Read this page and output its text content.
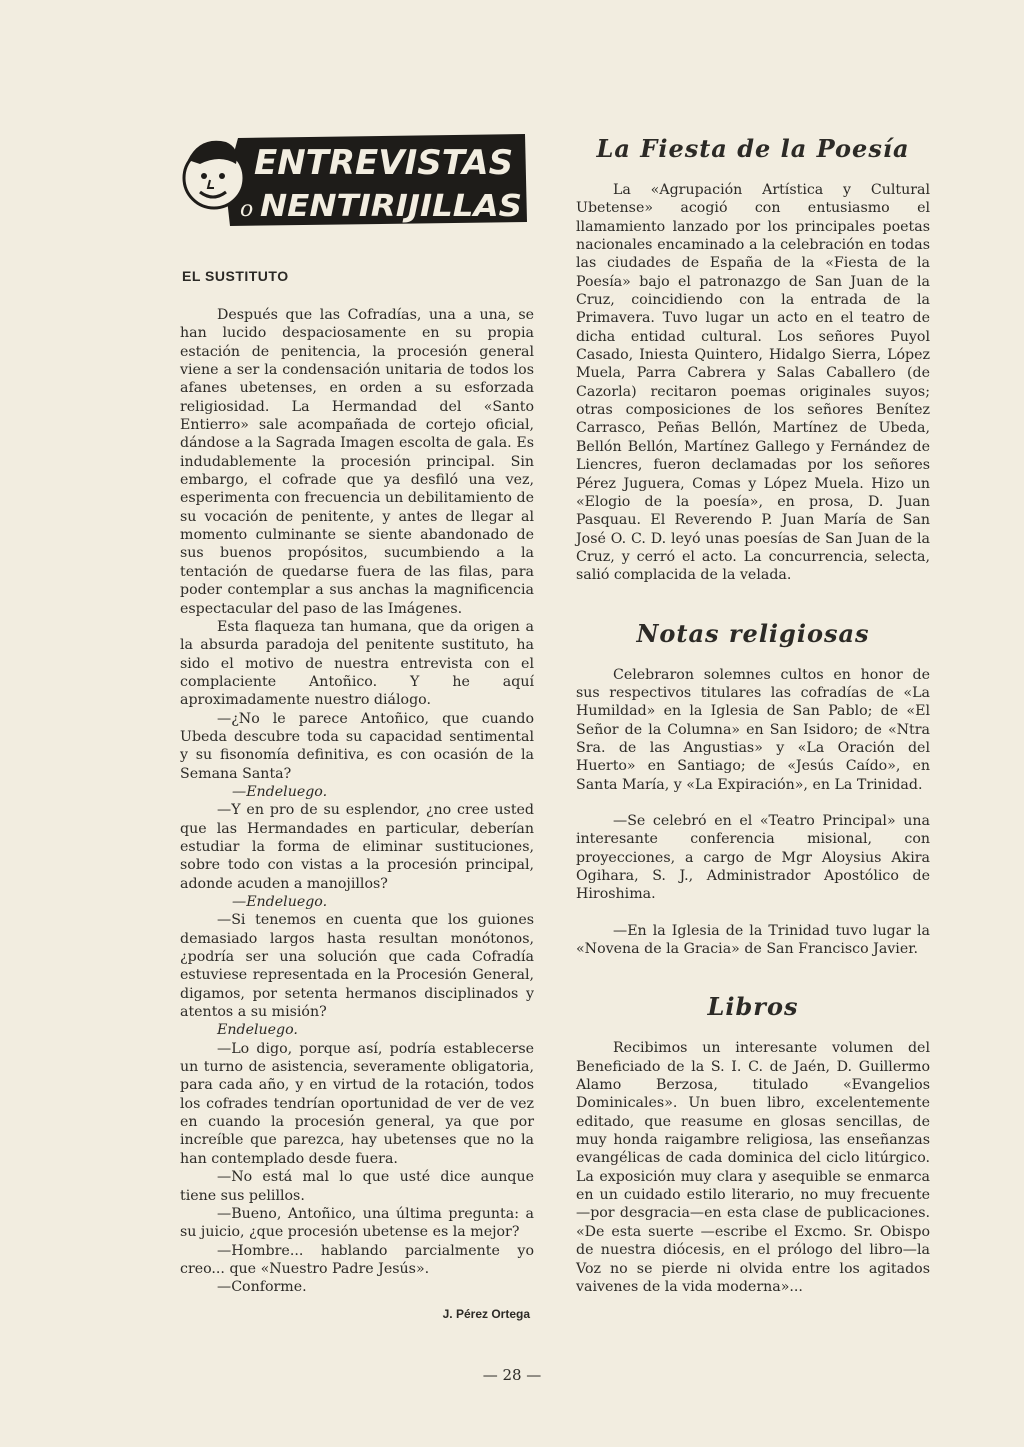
ENTREVISTAS
o NENTIRIJILLAS
EL SUSTITUTO

Después que las Cofradías, una a una, se han lucido despaciosamente en su propia estación de penitencia, la procesión general viene a ser la condensación unitaria de todos los afanes ubetenses, en orden a su esforzada religiosidad. La Hermandad del «Santo Entierro» sale acompañada de cortejo oficial, dándose a la Sagrada Imagen escolta de gala. Es indudablemente la procesión principal. Sin embargo, el cofrade que ya desfiló una vez, esperimenta con frecuencia un debilitamiento de su vocación de penitente, y antes de llegar al momento culminante se siente abandonado de sus buenos propósitos, sucumbiendo a la tentación de quedarse fuera de las filas, para poder contemplar a sus anchas la magnificencia espectacular del paso de las Imágenes.

Esta flaqueza tan humana, que da origen a la absurda paradoja del penitente sustituto, ha sido el motivo de nuestra entrevista con el complaciente Antoñico. Y he aquí aproximadamente nuestro diálogo.

—¿No le parece Antoñico, que cuando Ubeda descubre toda su capacidad sentimental y su fisonomía definitiva, es con ocasión de la Semana Santa?

—Endeluego.

—Y en pro de su esplendor, ¿no cree usted que las Hermandades en particular, deberían estudiar la forma de eliminar sustituciones, sobre todo con vistas a la procesión principal, adonde acuden a manojillos?

—Endeluego.

—Si tenemos en cuenta que los guiones demasiado largos hasta resultan monótonos, ¿podría ser una solución que cada Cofradía estuviese representada en la Procesión General, digamos, por setenta hermanos disciplinados y atentos a su misión?

Endeluego.

—Lo digo, porque así, podría establecerse un turno de asistencia, severamente obligatoria, para cada año, y en virtud de la rotación, todos los cofrades tendrían oportunidad de ver de vez en cuando la procesión general, ya que por increíble que parezca, hay ubetenses que no la han contemplado desde fuera.

—No está mal lo que usté dice aunque tiene sus pelillos.

—Bueno, Antoñico, una última pregunta: a su juicio, ¿que procesión ubetense es la mejor?

—Hombre... hablando parcialmente yo creo... que «Nuestro Padre Jesús».

—Conforme.

J. Pérez Ortega
La Fiesta de la Poesía

La «Agrupación Artística y Cultural Ubetense» acogió con entusiasmo el llamamiento lanzado por los principales poetas nacionales encaminado a la celebración en todas las ciudades de España de la «Fiesta de la Poesía» bajo el patronazgo de San Juan de la Cruz, coincidiendo con la entrada de la Primavera. Tuvo lugar un acto en el teatro de dicha entidad cultural. Los señores Puyol Casado, Iniesta Quintero, Hidalgo Sierra, López Muela, Parra Cabrera y Salas Caballero (de Cazorla) recitaron poemas originales suyos; otras composiciones de los señores Benítez Carrasco, Peñas Bellón, Martínez de Ubeda, Bellón Bellón, Martínez Gallego y Fernández de Liencres, fueron declamadas por los señores Pérez Juguera, Comas y López Muela. Hizo un «Elogio de la poesía», en prosa, D. Juan Pasquau. El Reverendo P. Juan María de San José O. C. D. leyó unas poesías de San Juan de la Cruz, y cerró el acto. La concurrencia, selecta, salió complacida de la velada.

Notas religiosas

Celebraron solemnes cultos en honor de sus respectivos titulares las cofradías de «La Humildad» en la Iglesia de San Pablo; de «El Señor de la Columna» en San Isidoro; de «Ntra Sra. de las Angustias» y «La Oración del Huerto» en Santiago; de «Jesús Caído», en Santa María, y «La Expiración», en La Trinidad.

—Se celebró en el «Teatro Principal» una interesante conferencia misional, con proyecciones, a cargo de Mgr Aloysius Akira Ogihara, S. J., Administrador Apostólico de Hiroshima.

—En la Iglesia de la Trinidad tuvo lugar la «Novena de la Gracia» de San Francisco Javier.

Libros

Recibimos un interesante volumen del Beneficiado de la S. I. C. de Jaén, D. Guillermo Alamo Berzosa, titulado «Evangelios Dominicales». Un buen libro, excelentemente editado, que reasume en glosas sencillas, de muy honda raigambre religiosa, las enseñanzas evangélicas de cada dominica del ciclo litúrgico. La exposición muy clara y asequible se enmarca en un cuidado estilo literario, no muy frecuente—por desgracia—en esta clase de publicaciones. «De esta suerte —escribe el Excmo. Sr. Obispo de nuestra diócesis, en el prólogo del libro—la Voz no se pierde ni olvida entre los agitados vaivenes de la vida moderna»...

— 28 —
